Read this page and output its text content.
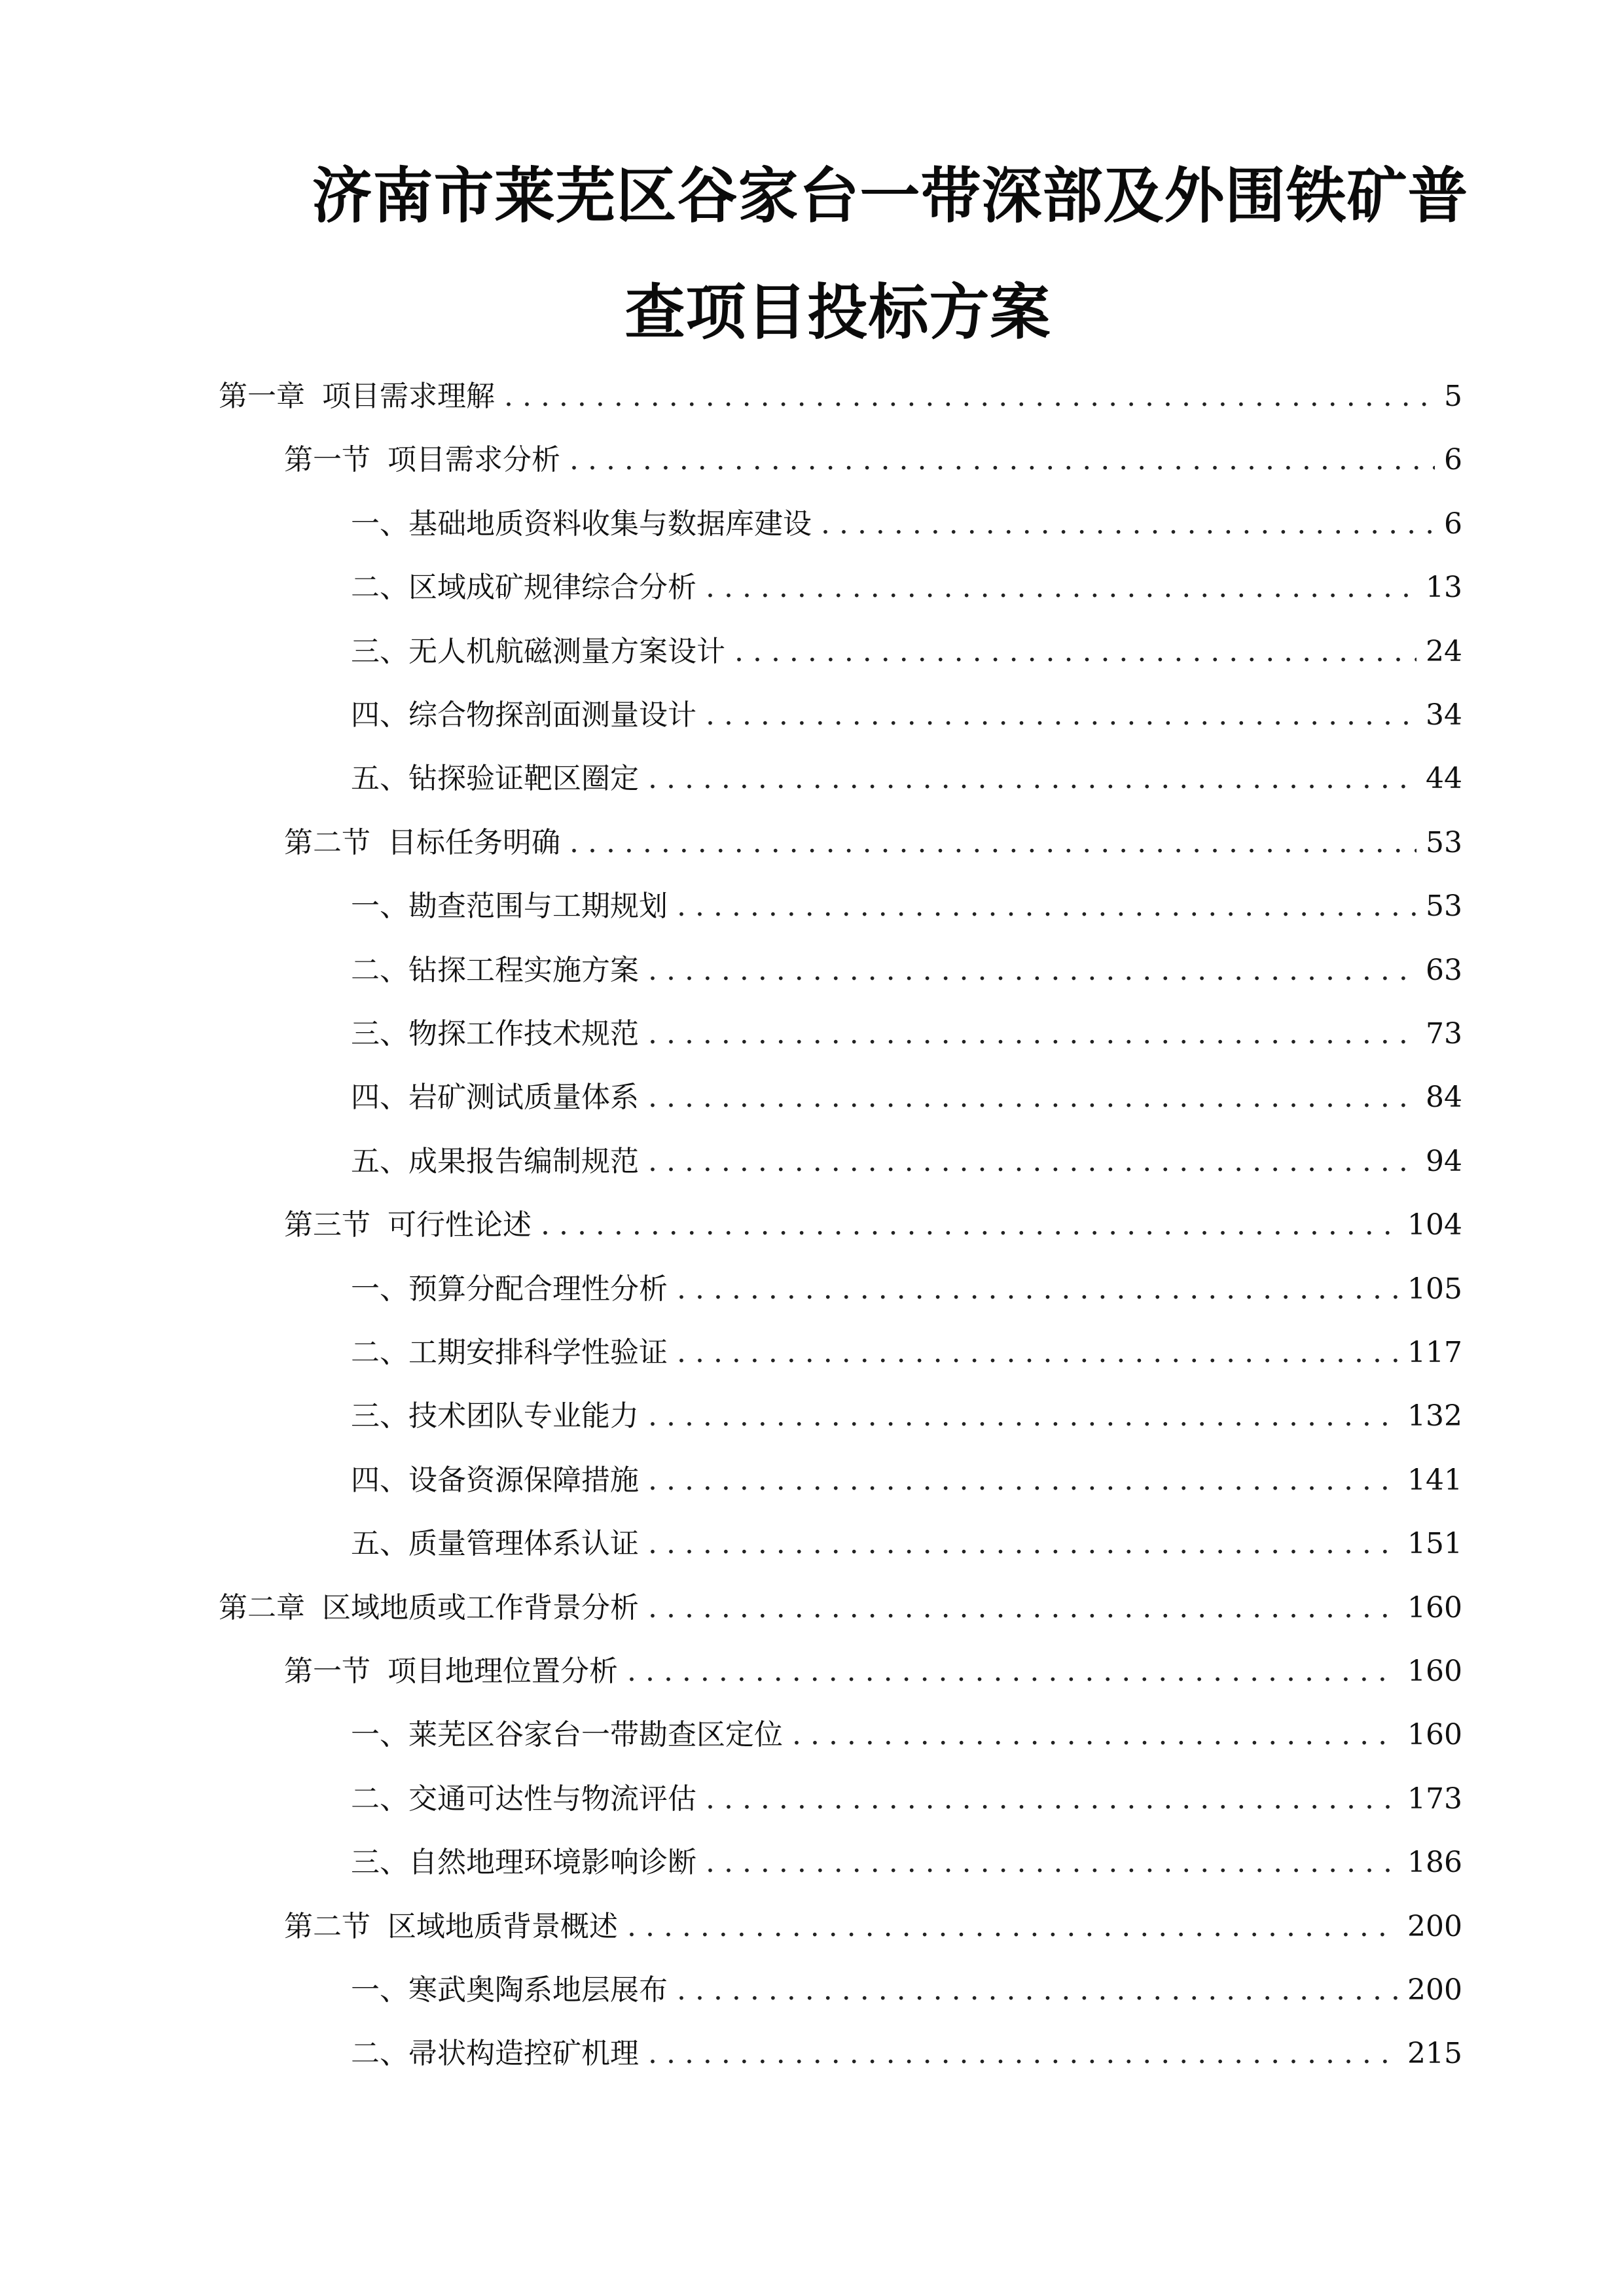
济南市莱芜区谷家台一带深部及外围铁矿普
查项目投标方案
第一章 项目需求理解 . . .	5
第一节 项目需求分析 . . .	6
一、 基础地质资料收集与数据库建设 . . .	6
二、 区域成矿规律综合分析 . . .	13
三、 无人机航磁测量方案设计 . . .	24
四、 综合物探剖面测量设计 . . .	34
五、 钻探验证靶区圈定 . . .	44
第二节 目标任务明确 . . .	53
一、 勘查范围与工期规划 . . .	53
二、 钻探工程实施方案 . . .	63
三、 物探工作技术规范 . . .	73
四、 岩矿测试质量体系 . . .	84
五、 成果报告编制规范 . . .	94
第三节 可行性论述 . . .	104
一、 预算分配合理性分析 . . .	105
二、 工期安排科学性验证 . . .	117
三、 技术团队专业能力 . . .	132
四、 设备资源保障措施 . . .	141
五、 质量管理体系认证 . . .	151
第二章 区域地质或工作背景分析 . . .	160
第一节 项目地理位置分析 . . .	160
一、 莱芜区谷家台一带勘查区定位 . . .	160
二、 交通可达性与物流评估 . . .	173
三、 自然地理环境影响诊断 . . .	186
第二节 区域地质背景概述 . . .	200
一、 寒武奥陶系地层展布 . . .	200
二、 帚状构造控矿机理 . . .	215
